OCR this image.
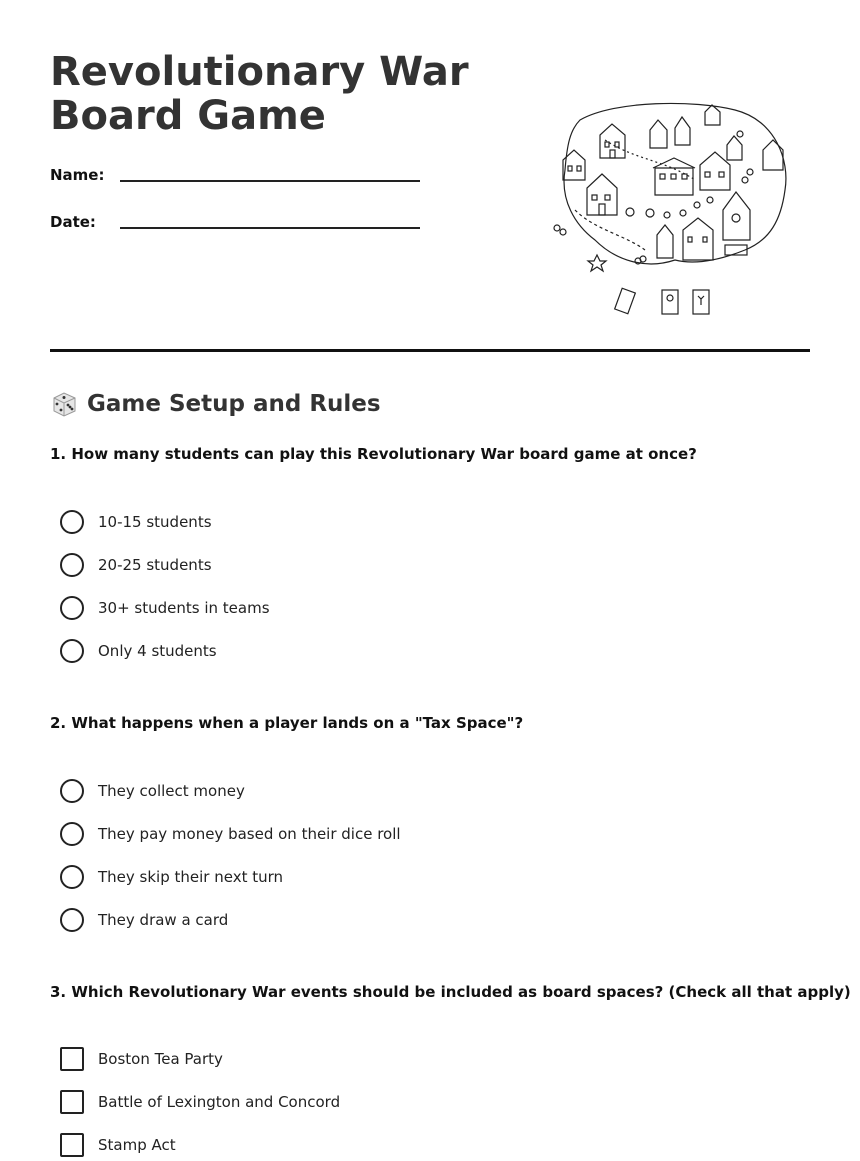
Revolutionary War
Board Game
Name:
Date:
Game Setup and Rules

1. How many students can play this Revolutionary War board game at once?

10-15 students
20-25 students
30+ students in teams
Only 4 students

2. What happens when a player lands on a "Tax Space"?

They collect money
They pay money based on their dice roll
They skip their next turn
They draw a card

3. Which Revolutionary War events should be included as board spaces? (Check all that apply)

Boston Tea Party
Battle of Lexington and Concord
Stamp Act
